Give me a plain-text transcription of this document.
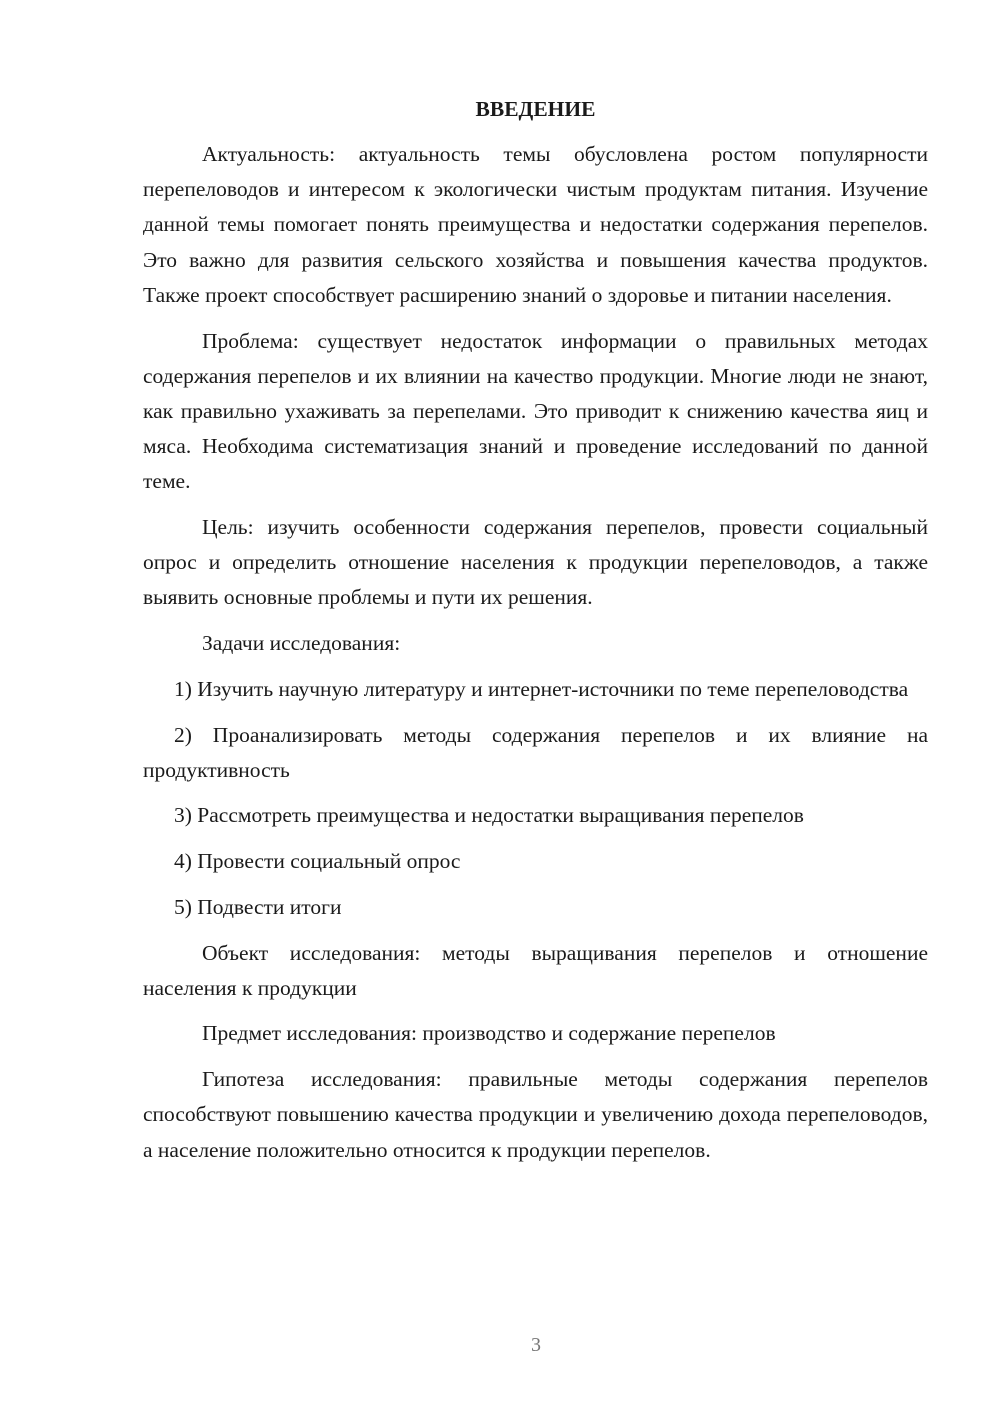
ВВЕДЕНИЕ

Актуальность: актуальность темы обусловлена ростом популярности перепеловодов и интересом к экологически чистым продуктам питания. Изучение данной темы помогает понять преимущества и недостатки содержания перепелов. Это важно для развития сельского хозяйства и повышения качества продуктов. Также проект способствует расширению знаний о здоровье и питании населения.

Проблема: существует недостаток информации о правильных методах содержания перепелов и их влиянии на качество продукции. Многие люди не знают, как правильно ухаживать за перепелами. Это приводит к снижению качества яиц и мяса. Необходима систематизация знаний и проведение исследований по данной теме.

Цель: изучить особенности содержания перепелов, провести социальный опрос и определить отношение населения к продукции перепеловодов, а также выявить основные проблемы и пути их решения.

Задачи исследования:

1) Изучить научную литературу и интернет-источники по теме перепеловодства

2) Проанализировать методы содержания перепелов и их влияние на продуктивность

3) Рассмотреть преимущества и недостатки выращивания перепелов

4) Провести социальный опрос

5) Подвести итоги

Объект исследования: методы выращивания перепелов и отношение населения к продукции

Предмет исследования: производство и содержание перепелов

Гипотеза исследования: правильные методы содержания перепелов способствуют повышению качества продукции и увеличению дохода перепеловодов, а население положительно относится к продукции перепелов.

3
